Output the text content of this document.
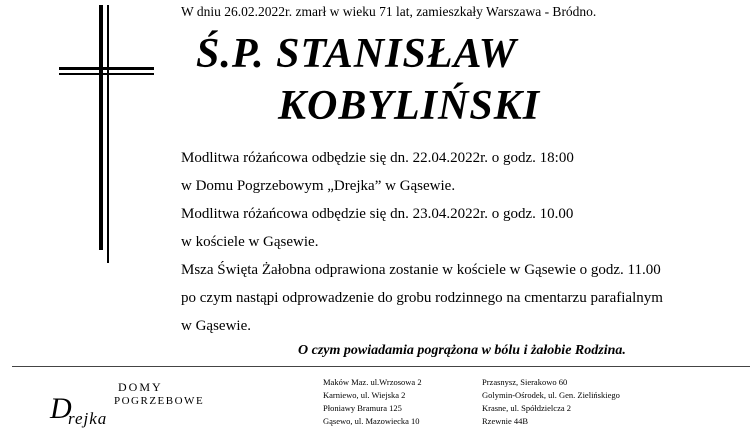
W dniu 26.02.2022r. zmarł w wieku 71 lat, zamieszkały Warszawa - Bródno.
Ś.P. STANISŁAW
KOBYLIŃSKI
Modlitwa różańcowa odbędzie się dn. 22.04.2022r. o godz. 18:00
w Domu Pogrzebowym „Drejka” w Gąsewie.
Modlitwa różańcowa odbędzie się dn. 23.04.2022r. o godz. 10.00
w kościele w Gąsewie.
Msza Święta Żałobna odprawiona zostanie w kościele w Gąsewie o godz. 11.00
po czym nastąpi odprowadzenie do grobu rodzinnego na cmentarzu parafialnym
w Gąsewie.
O czym powiadamia pogrążona w bólu i żałobie Rodzina.
DOMY
POGRZEBOWE
D
rejka
Maków Maz. ul.Wrzosowa 2
Karniewo, ul. Wiejska 2
Płoniawy Bramura 125
Gąsewo, ul. Mazowiecka 10
Przasnysz, Sierakowo 60
Golymin-Ośrodek, ul. Gen. Zielińskiego
Krasne, ul. Spółdzielcza 2
Rzewnie 44B
